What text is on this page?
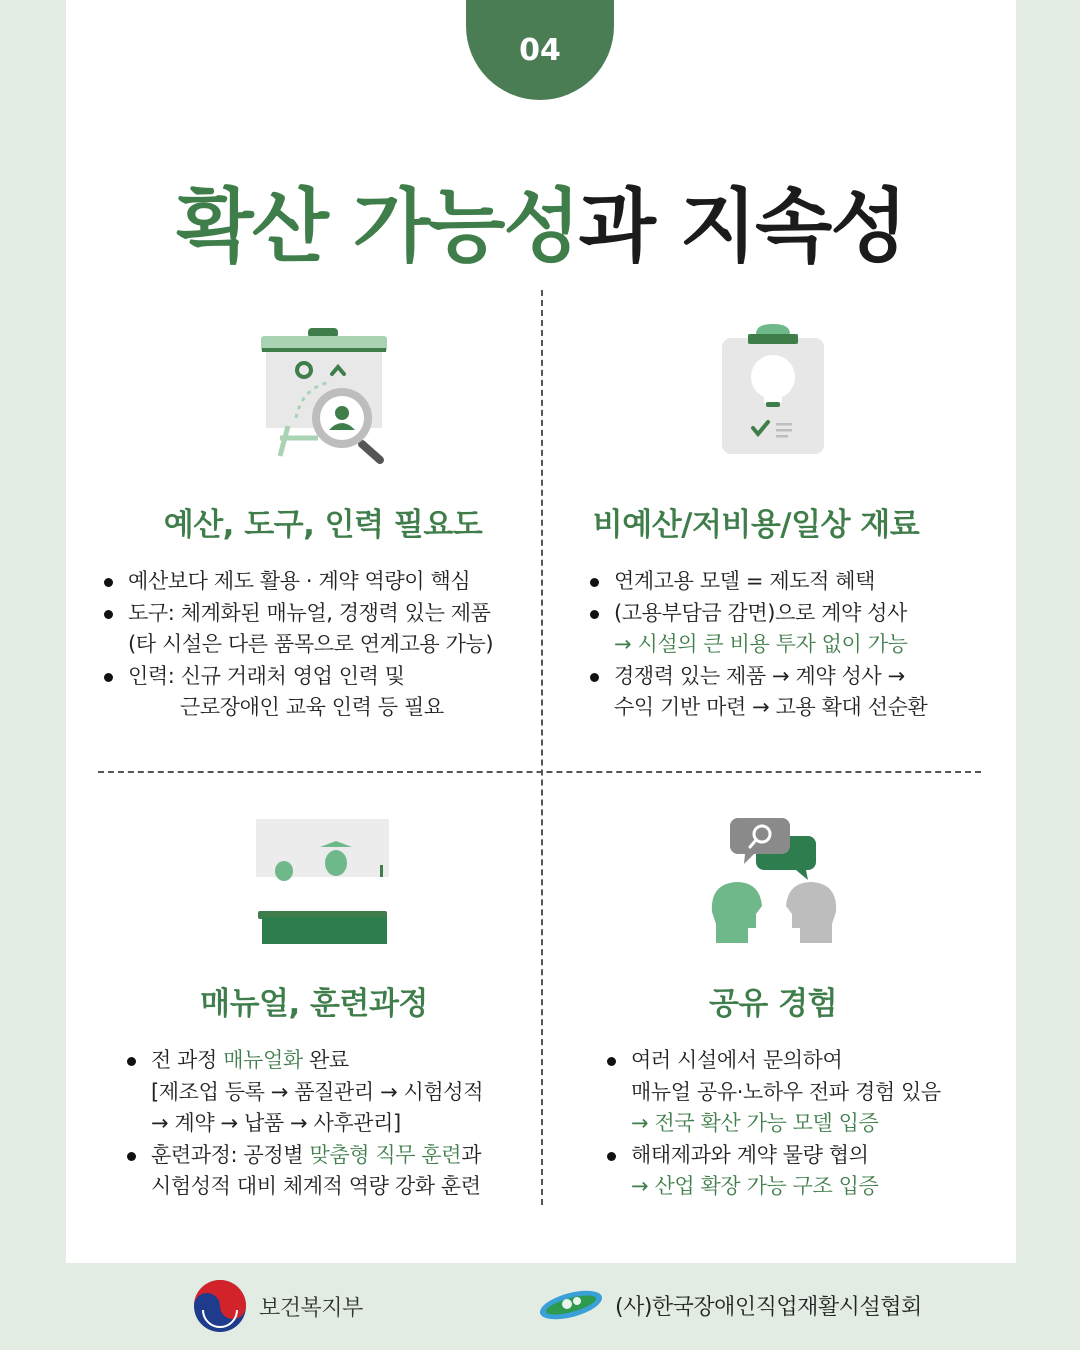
04
확산 가능성과 지속성
예산, 도구, 인력 필요도	비예산/저비용/일상 재료
매뉴얼, 훈련과정	공유 경험
예산보다 제도 활용 · 계약 역량이 핵심
도구: 체계화된 매뉴얼, 경쟁력 있는 제품
(타 시설은 다른 품목으로 연계고용 가능)
인력: 신규 거래처 영업 인력 및
근로장애인 교육 인력 등 필요
연계고용 모델 = 제도적 혜택
(고용부담금 감면)으로 계약 성사
→ 시설의 큰 비용 투자 없이 가능
경쟁력 있는 제품 → 계약 성사 →
수익 기반 마련 → 고용 확대 선순환
전 과정 매뉴얼화 완료
[제조업 등록 → 품질관리 → 시험성적
→ 계약 → 납품 → 사후관리]
훈련과정: 공정별 맞춤형 직무 훈련과
시험성적 대비 체계적 역량 강화 훈련
여러 시설에서 문의하여
매뉴얼 공유·노하우 전파 경험 있음
→ 전국 확산 가능 모델 입증
해태제과와 계약 물량 협의
→ 산업 확장 가능 구조 입증
보건복지부	(사)한국장애인직업재활시설협회
